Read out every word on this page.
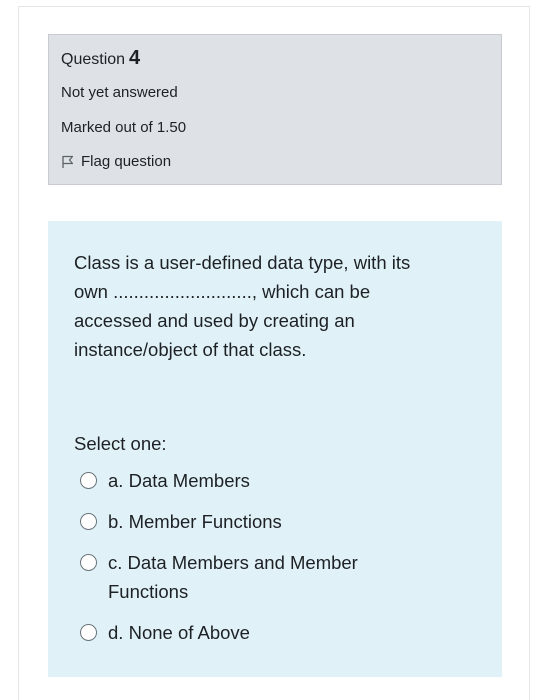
Question 4
Not yet answered
Marked out of 1.50
Flag question
Class is a user-defined data type, with its
own ..........................., which can be
accessed and used by creating an
instance/object of that class.
Select one:
a. Data Members
b. Member Functions
c. Data Members and Member Functions
d. None of Above
